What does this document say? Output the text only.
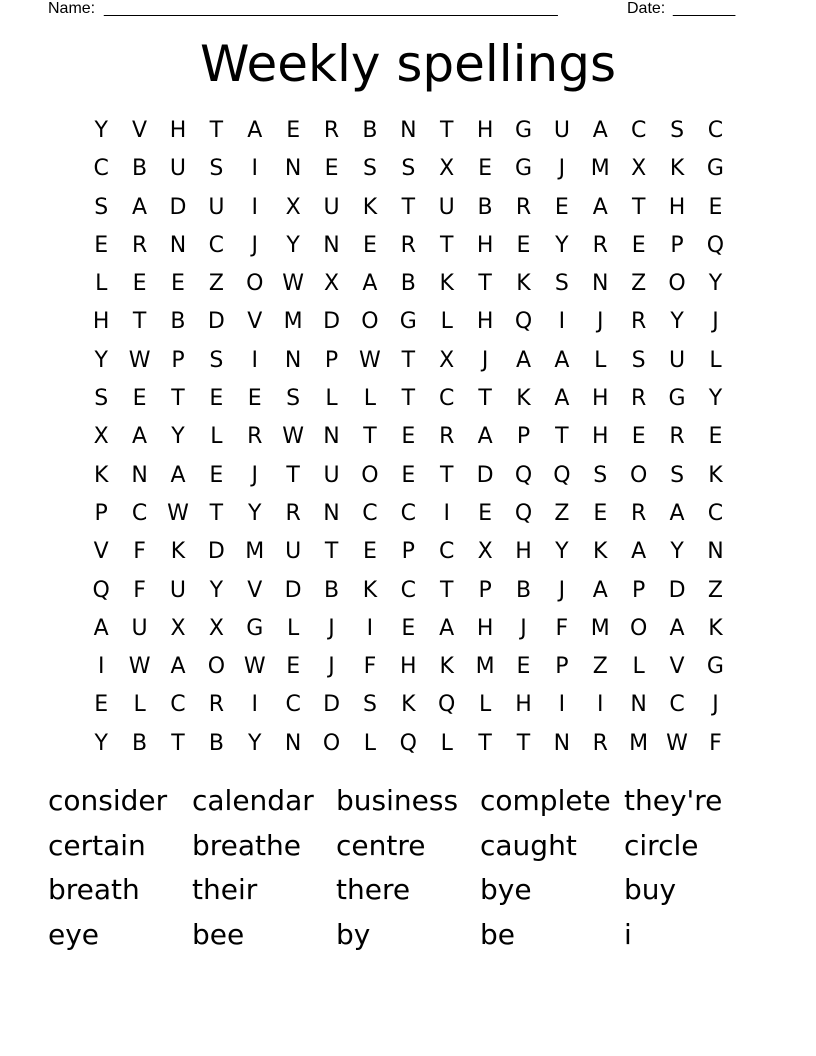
Name: ___________________________________________________	Date: _______
Weekly spellings
Y	V	H	T	A	E	R	B	N	T	H G U	A	C	S	C
C	B	U	S	I	N	E	S	S	X	E	G	J	M X	K	G
S	A	D U	I	X	U	K	T	U	B	R	E	A	T	H	E
E	R	N	C	J	Y	N	E	R	T	H	E	Y	R	E	P	Q
L	E	E	Z	O W X	A	B	K	T	K	S	N	Z	O	Y
H	T	B	D	V M D O G	L	H Q	I	J	R	Y	J
Y W P	S	I	N	P W T	X	J	A	A	L	S	U	L
S	E	T	E	E	S	L	L	T	C	T	K	A	H	R	G	Y
X	A	Y	L	R W N	T	E	R	A	P	T	H	E	R	E
K	N	A	E	J	T	U O	E	T	D Q Q	S	O	S	K
P	C W T	Y	R	N	C	C	I	E	Q	Z	E	R	A	C
V	F	K	D M U	T	E	P	C	X	H	Y	K	A	Y	N
Q	F	U	Y	V	D	B	K	C	T	P	B	J	A	P	D	Z
A	U	X	X	G	L	J	I	E	A	H	J	F	M O	A	K
I	W A	O W E	J	F	H	K M E	P	Z	L	V	G
E	L	C	R	I	C	D	S	K	Q	L	H	I	I	N	C	J
Y	B	T	B	Y	N O	L	Q	L	T	T	N	R M W F
consider calendar business complete they're
certain	breathe	centre	caught	circle
breath	their	there	bye	buy
eye	bee	by	be	i
